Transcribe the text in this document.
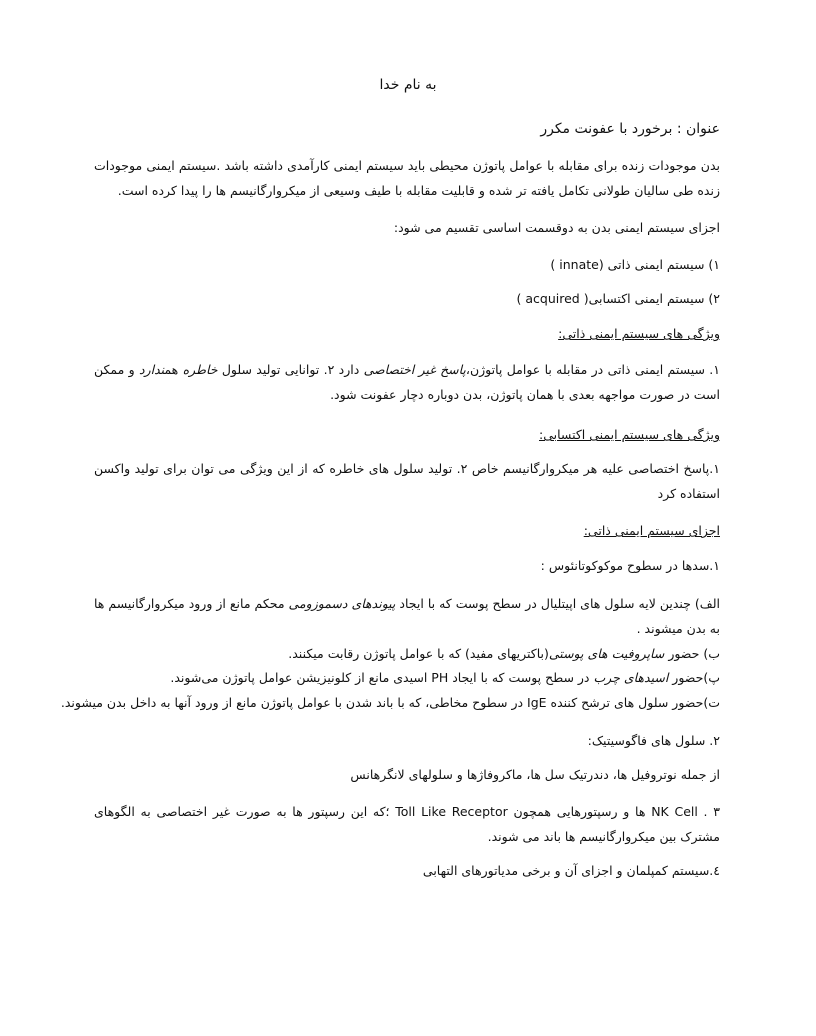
به نام خدا
عنوان : برخورد با عفونت مکرر
بدن موجودات زنده برای مقابله با عوامل پاتوژن محیطی باید سیستم ایمنی کارآمدی داشته باشد .سیستم ایمنی موجودات زنده طی سالیان طولانی تکامل یافته تر شده و قابلیت مقابله با طیف وسیعی از میکروارگانیسم ها را پیدا کرده است.
اجزای سیستم ایمنی بدن به دوقسمت اساسی تقسیم می شود:
۱) سیستم ایمنی ذاتی (innate )
۲) سیستم ایمنی اکتسابی( acquired )
ویژگی های سیستم ایمنی ذاتی:
۱. سیستم ایمنی ذاتی در مقابله با عوامل پاتوژن،پاسخ غیر اختصاصی دارد ۲. توانایی تولید سلول خاطره همندارد و ممکن است در صورت مواجهه بعدی با همان پاتوژن، بدن دوباره دچار عفونت شود.
ویژگی های سیستم ایمنی اکتسابی:
۱.پاسخ اختصاصی علیه هر میکروارگانیسم خاص ۲. تولید سلول های خاطره که از این ویژگی می توان برای تولید واکسن استفاده کرد
اجزای سیستم ایمنی ذاتی:
۱.سدها در سطوح موکوکوتانئوس :
الف) چندین لایه سلول های اپیتلیال در سطح پوست که با ایجاد پیوندهای دسموزومی محکم مانع از ورود میکروارگانیسم ها به بدن میشوند .
ب) حضور ساپروفیت های پوستی(باکتریهای مفید) که با عوامل پاتوژن رقابت میکنند.
پ)حضور اسیدهای چرب در سطح پوست که با ایجاد PH اسیدی مانع از کلونیزیشن عوامل پاتوژن می‌شوند.
ت)حضور سلول های ترشح کننده IgE در سطوح مخاطی، که با باند شدن با عوامل پاتوژن مانع از ورود آنها به داخل بدن میشوند.
۲. سلول های فاگوسیتیک:
از جمله نوتروفیل ها، دندرتیک سل ها، ماکروفاژها و سلولهای لانگرهانس
۳ . NK Cell ها و رسپتورهایی همچون Toll Like Receptor ؛که این رسپتور ها به صورت غیر اختصاصی به الگوهای مشترک بین میکروارگانیسم ها باند می شوند.
٤.سیستم کمپلمان و اجزای آن و برخی مدیاتورهای التهابی
